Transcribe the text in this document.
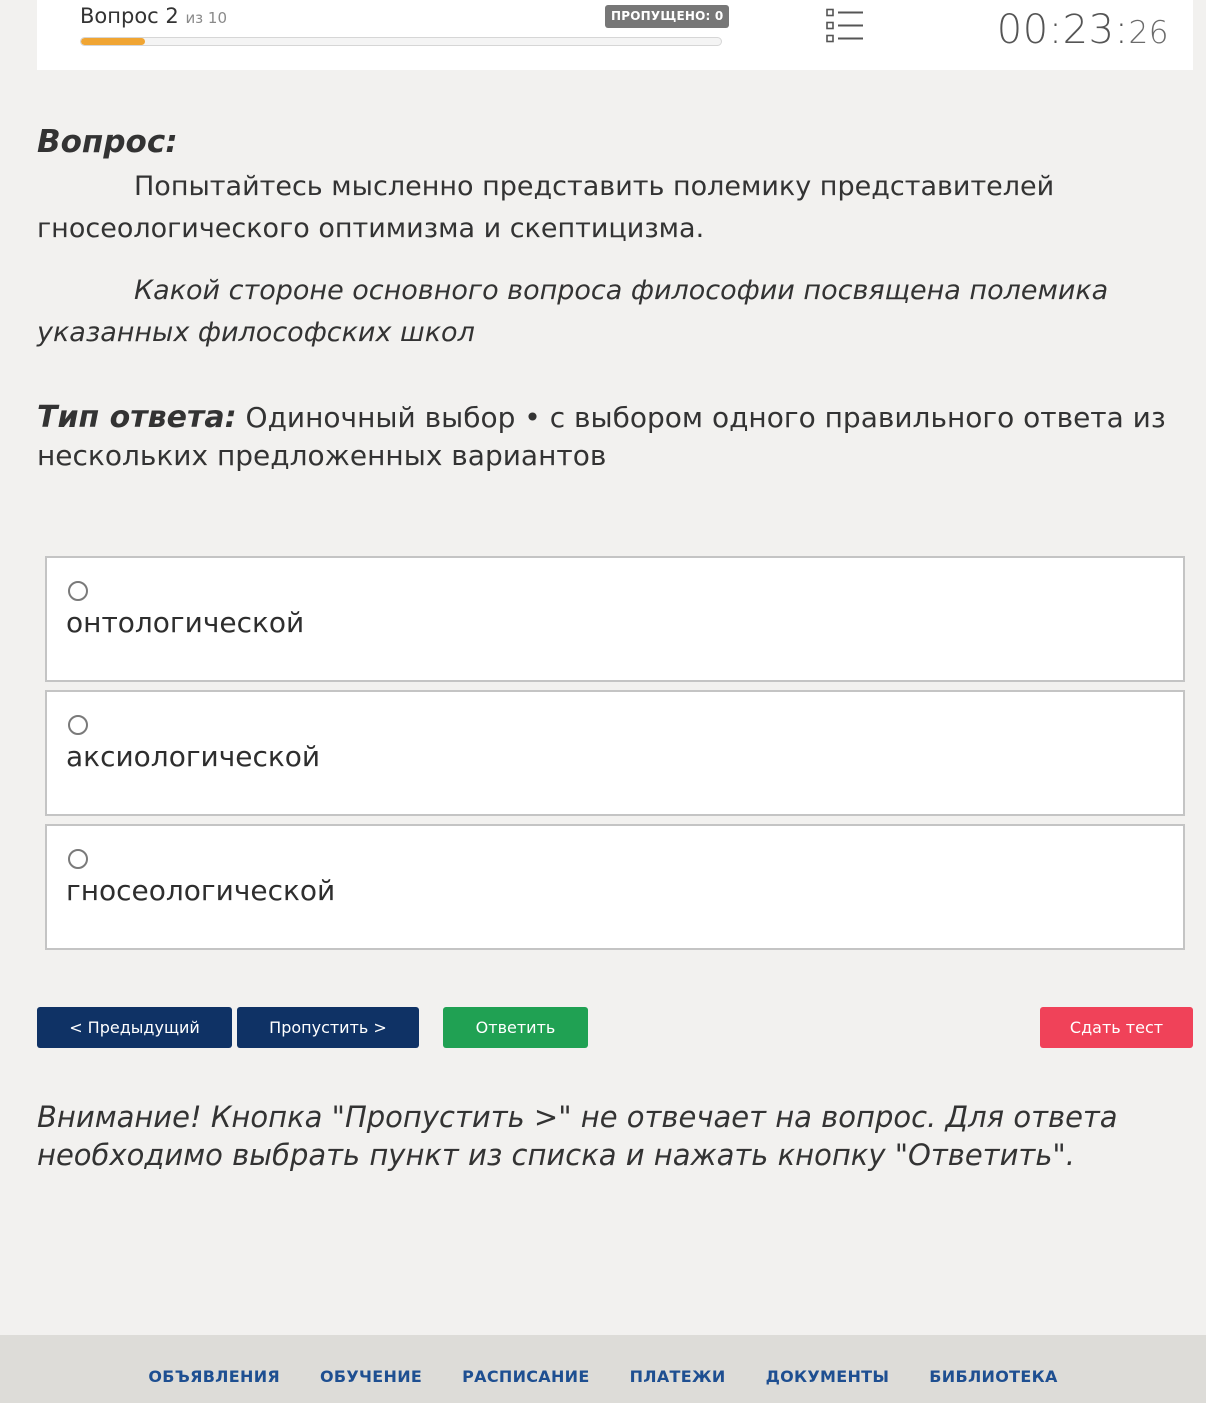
Вопрос 2 из 10	ПРОПУЩЕНО: 0	00:23:26
Вопрос:
Попытайтесь мысленно представить полемику представителей гносеологического оптимизма и скептицизма.
Какой стороне основного вопроса философии посвящена полемика указанных философских школ
Тип ответа: Одиночный выбор • с выбором одного правильного ответа из нескольких предложенных вариантов
онтологической
аксиологической
гносеологической
< Предыдущий	Пропустить >	Ответить	Сдать тест
Внимание! Кнопка "Пропустить >" не отвечает на вопрос. Для ответа необходимо выбрать пункт из списка и нажать кнопку "Ответить".
ОБЪЯВЛЕНИЯ	ОБУЧЕНИЕ	РАСПИСАНИЕ	ПЛАТЕЖИ	ДОКУМЕНТЫ	БИБЛИОТЕКА
